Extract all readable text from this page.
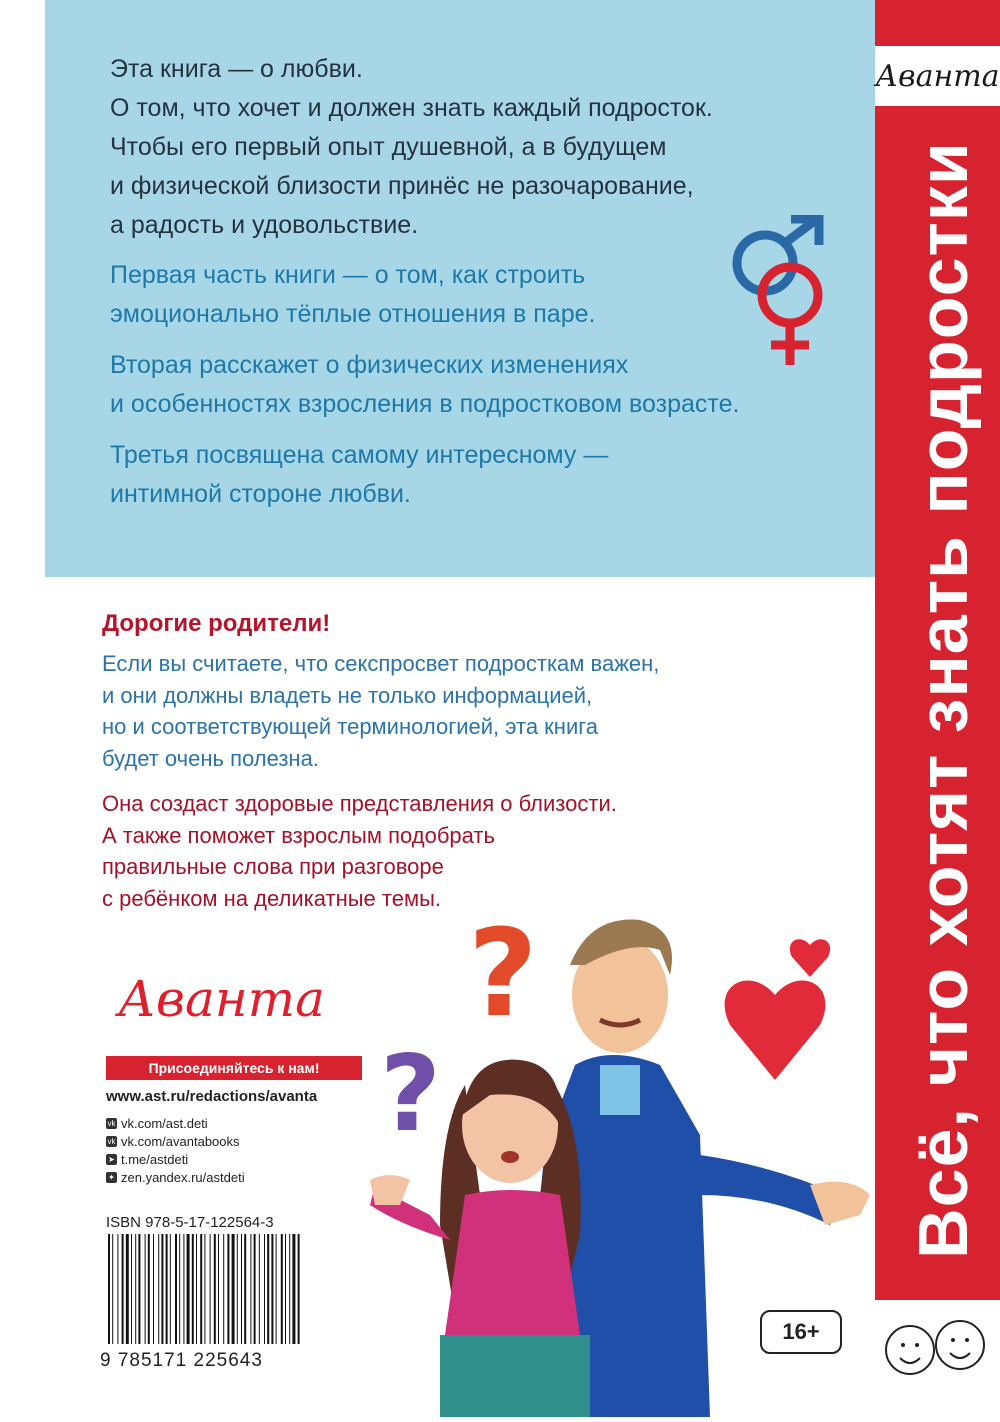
Эта книга — о любви.
О том, что хочет и должен знать каждый подросток.
Чтобы его первый опыт душевной, а в будущем
и физической близости принёс не разочарование,
а радость и удовольствие.
Первая часть книги — о том, как строить
эмоционально тёплые отношения в паре.
Вторая расскажет о физических изменениях
и особенностях взросления в подростковом возрасте.
Третья посвящена самому интересному —
интимной стороне любви.

Дорогие родители!

Если вы считаете, что секспросвет подросткам важен,
и они должны владеть не только информацией,
но и соответствующей терминологией, эта книга
будет очень полезна.
Она создаст здоровые представления о близости.
А также поможет взрослым подобрать
правильные слова при разговоре
с ребёнком на деликатные темы.
?
?
Аванта
Присоединяйтесь к нам!
www.ast.ru/redactions/avanta
vk vk.com/ast.deti
vk vk.com/avantabooks
➤ t.me/astdeti
✦ zen.yandex.ru/astdeti
ISBN 978-5-17-122564-3
9 785171 225643
16+
Аванта
Всё, что хотят знать подростки
